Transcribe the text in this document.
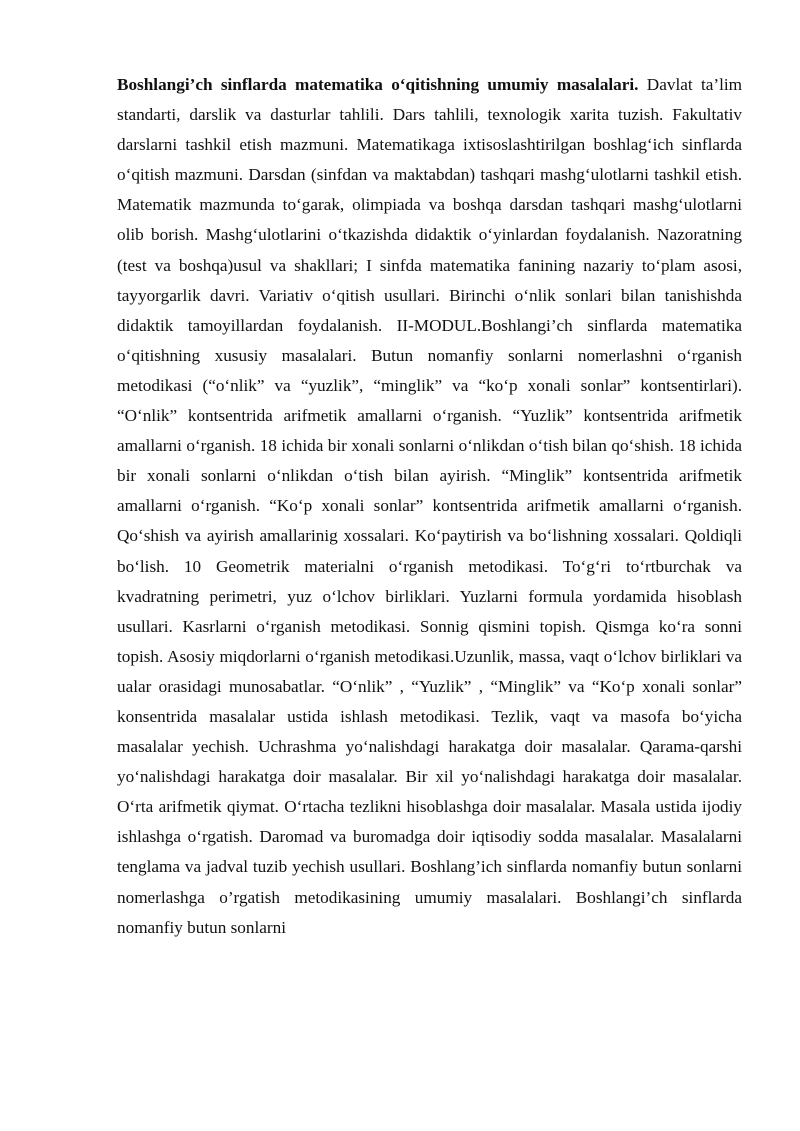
Boshlangi’ch sinflarda matematika o‘qitishning umumiy masalalari. Davlat ta’lim standarti, darslik va dasturlar tahlili. Dars tahlili, texnologik xarita tuzish. Fakultativ darslarni tashkil etish mazmuni. Matematikaga ixtisoslashtirilgan boshlag‘ich sinflarda o‘qitish mazmuni. Darsdan (sinfdan va maktabdan) tashqari mashg‘ulotlarni tashkil etish. Matematik mazmunda to‘garak, olimpiada va boshqa darsdan tashqari mashg‘ulotlarni olib borish. Mashg‘ulotlarini o‘tkazishda didaktik o‘yinlardan foydalanish. Nazoratning (test va boshqa)usul va shakllari; I sinfda matematika fanining nazariy to‘plam asosi, tayyorgarlik davri. Variativ o‘qitish usullari. Birinchi o‘nlik sonlari bilan tanishishda didaktik tamoyillardan foydalanish. II-MODUL.Boshlangi’ch sinflarda matematika o‘qitishning xususiy masalalari. Butun nomanfiy sonlarni nomerlashni o‘rganish metodikasi (“o‘nlik” va “yuzlik”, “minglik” va “ko‘p xonali sonlar” kontsentirlari). “O‘nlik” kontsentrida arifmetik amallarni o‘rganish. “Yuzlik” kontsentrida arifmetik amallarni o‘rganish. 18 ichida bir xonali sonlarni o‘nlikdan o‘tish bilan qo‘shish. 18 ichida bir xonali sonlarni o‘nlikdan o‘tish bilan ayirish. “Minglik” kontsentrida arifmetik amallarni o‘rganish. “Ko‘p xonali sonlar” kontsentrida arifmetik amallarni o‘rganish. Qo‘shish va ayirish amallarinig xossalari. Ko‘paytirish va bo‘lishning xossalari. Qoldiqli bo‘lish. 10 Geometrik materialni o‘rganish metodikasi. To‘g‘ri to‘rtburchak va kvadratning perimetri, yuz o‘lchov birliklari. Yuzlarni formula yordamida hisoblash usullari. Kasrlarni o‘rganish metodikasi. Sonnig qismini topish. Qismga ko‘ra sonni topish. Asosiy miqdorlarni o‘rganish metodikasi.Uzunlik, massa, vaqt o‘lchov birliklari va ualar orasidagi munosabatlar. “O‘nlik” , “Yuzlik” , “Minglik” va “Ko‘p xonali sonlar” konsentrida masalalar ustida ishlash metodikasi. Tezlik, vaqt va masofa bo‘yicha masalalar yechish. Uchrashma yo‘nalishdagi harakatga doir masalalar. Qarama-qarshi yo‘nalishdagi harakatga doir masalalar. Bir xil yo‘nalishdagi harakatga doir masalalar. O‘rta arifmetik qiymat. O‘rtacha tezlikni hisoblashga doir masalalar. Masala ustida ijodiy ishlashga o‘rgatish. Daromad va buromadga doir iqtisodiy sodda masalalar. Masalalarni tenglama va jadval tuzib yechish usullari. Boshlang’ich sinflarda nomanfiy butun sonlarni nomerlashga o’rgatish metodikasining umumiy masalalari. Boshlangi’ch sinflarda nomanfiy butun sonlarni
